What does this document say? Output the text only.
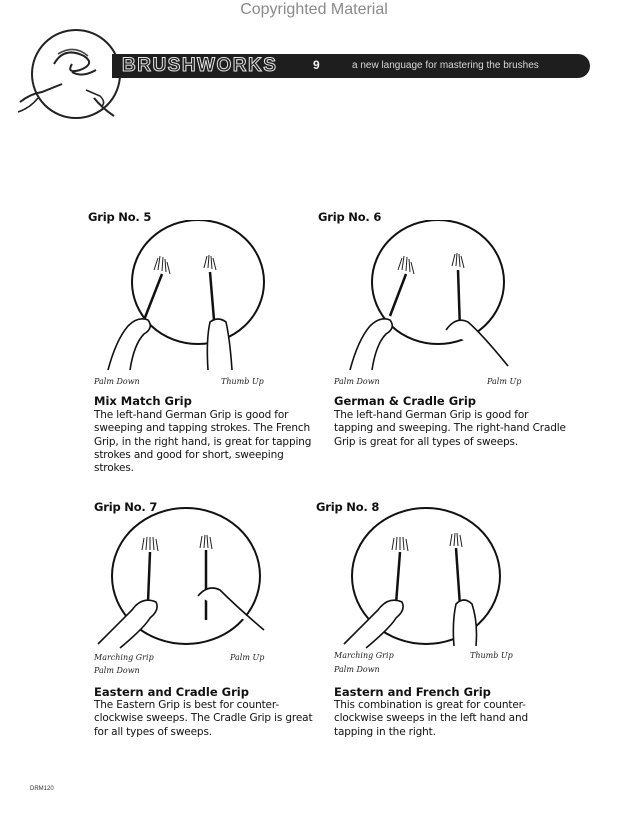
Copyrighted Material
BRUSHWORKS	9	a new language for mastering the brushes
Grip No. 5
Palm Down	Thumb Up
Mix Match Grip
The left-hand German Grip is good for sweeping and tapping strokes. The French Grip, in the right hand, is great for tapping strokes and good for short, sweeping strokes.
Grip No. 6
Palm Down	Palm Up
German & Cradle Grip
The left-hand German Grip is good for tapping and sweeping. The right-hand Cradle Grip is great for all types of sweeps.
Grip No. 7
Marching Grip
Palm Down
Palm Up
Eastern and Cradle Grip
The Eastern Grip is best for counter-clockwise sweeps. The Cradle Grip is great for all types of sweeps.
Grip No. 8
Marching Grip
Palm Down
Thumb Up
Eastern and French Grip
This combination is great for counter-clockwise sweeps in the left hand and tapping in the right.
DRM120
